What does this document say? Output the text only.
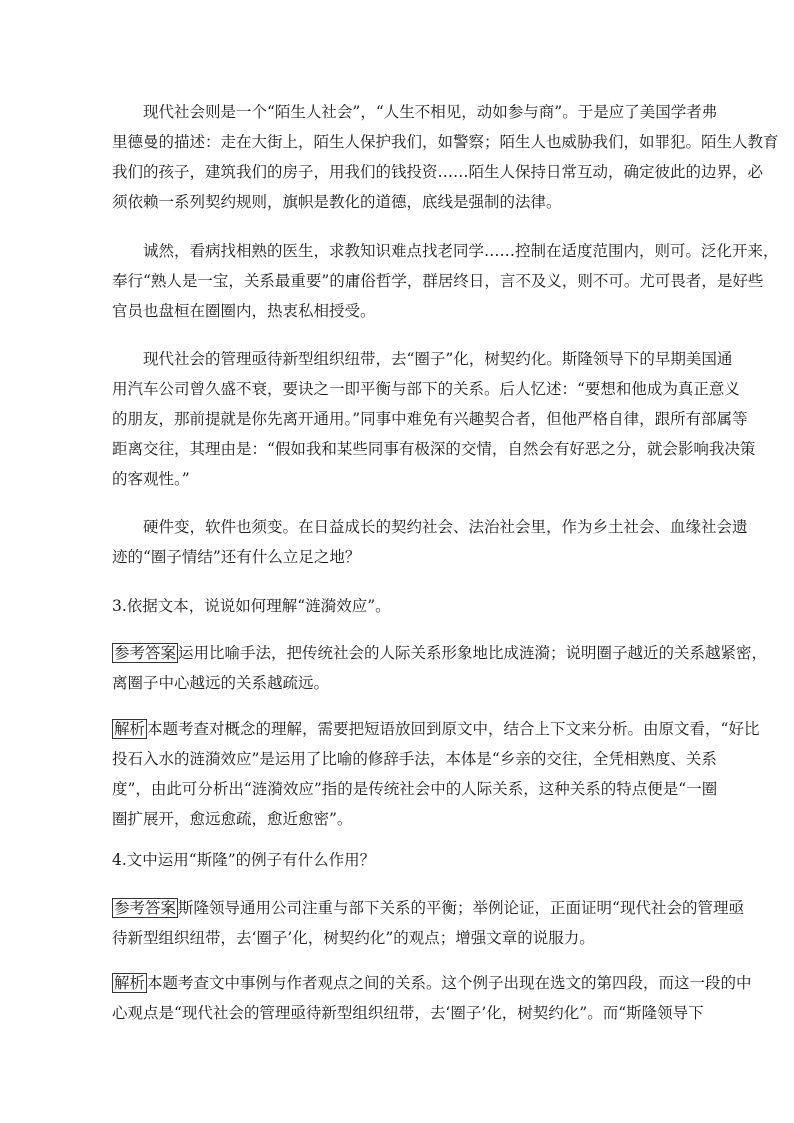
现代社会则是一个“陌生人社会”，“人生不相见，动如参与商”。于是应了美国学者弗
里德曼的描述：走在大街上，陌生人保护我们，如警察；陌生人也威胁我们，如罪犯。陌生人教育
我们的孩子，建筑我们的房子，用我们的钱投资……陌生人保持日常互动，确定彼此的边界，必
须依赖一系列契约规则，旗帜是教化的道德，底线是强制的法律。
诚然，看病找相熟的医生，求教知识难点找老同学……控制在适度范围内，则可。泛化开来，
奉行“熟人是一宝，关系最重要”的庸俗哲学，群居终日，言不及义，则不可。尤可畏者，是好些
官员也盘桓在圈圈内，热衷私相授受。
现代社会的管理亟待新型组织纽带，去“圈子”化，树契约化。斯隆领导下的早期美国通
用汽车公司曾久盛不衰，要诀之一即平衡与部下的关系。后人忆述：“要想和他成为真正意义
的朋友，那前提就是你先离开通用。”同事中难免有兴趣契合者，但他严格自律，跟所有部属等
距离交往，其理由是：“假如我和某些同事有极深的交情，自然会有好恶之分，就会影响我决策
的客观性。”
硬件变，软件也须变。在日益成长的契约社会、法治社会里，作为乡土社会、血缘社会遗
迹的“圈子情结”还有什么立足之地？
3.依据文本，说说如何理解“涟漪效应”。
参考答案 运用比喻手法，把传统社会的人际关系形象地比成涟漪；说明圈子越近的关系越紧密，
离圈子中心越远的关系越疏远。
解析 本题考查对概念的理解，需要把短语放回到原文中，结合上下文来分析。由原文看，“好比
投石入水的涟漪效应”是运用了比喻的修辞手法，本体是“乡亲的交往，全凭相熟度、关系
度”，由此可分析出“涟漪效应”指的是传统社会中的人际关系，这种关系的特点便是“一圈
圈扩展开，愈远愈疏，愈近愈密”。
4.文中运用“斯隆”的例子有什么作用？
参考答案 斯隆领导通用公司注重与部下关系的平衡；举例论证，正面证明“现代社会的管理亟
待新型组织纽带，去‘圈子’化，树契约化”的观点；增强文章的说服力。
解析 本题考查文中事例与作者观点之间的关系。这个例子出现在选文的第四段，而这一段的中
心观点是“现代社会的管理亟待新型组织纽带，去‘圈子’化，树契约化”。而“斯隆领导下
